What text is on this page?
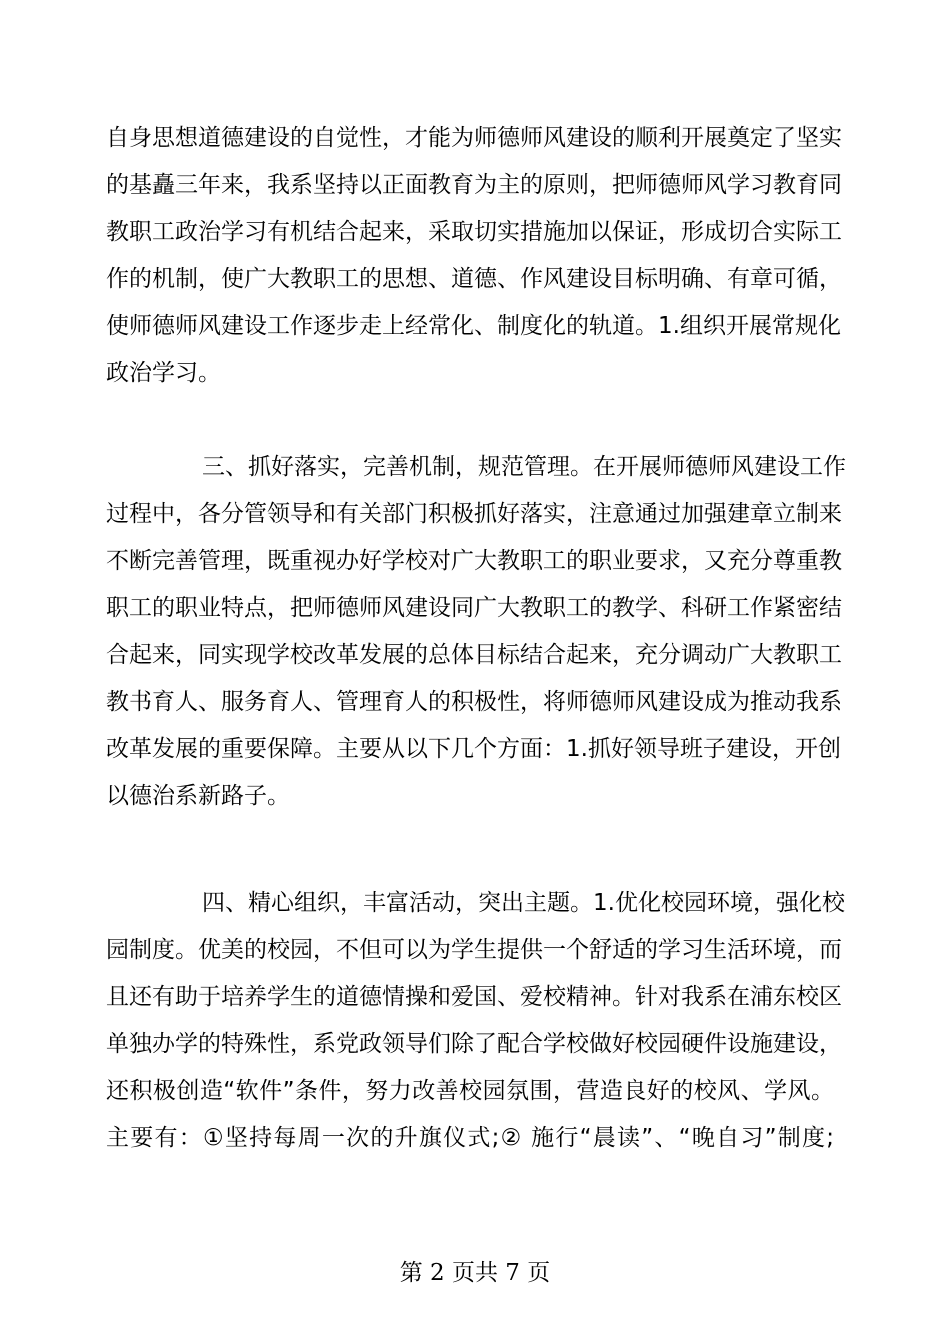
自身思想道德建设的自觉性，才能为师德师风建设的顺利开展奠定了坚实
的基矗三年来，我系坚持以正面教育为主的原则，把师德师风学习教育同
教职工政治学习有机结合起来，采取切实措施加以保证，形成切合实际工
作的机制，使广大教职工的思想、道德、作风建设目标明确、有章可循，
使师德师风建设工作逐步走上经常化、制度化的轨道。1.组织开展常规化
政治学习。
三、抓好落实，完善机制，规范管理。在开展师德师风建设工作
过程中，各分管领导和有关部门积极抓好落实，注意通过加强建章立制来
不断完善管理，既重视办好学校对广大教职工的职业要求，又充分尊重教
职工的职业特点，把师德师风建设同广大教职工的教学、科研工作紧密结
合起来，同实现学校改革发展的总体目标结合起来，充分调动广大教职工
教书育人、服务育人、管理育人的积极性，将师德师风建设成为推动我系
改革发展的重要保障。主要从以下几个方面：1.抓好领导班子建设，开创
以德治系新路子。
四、精心组织，丰富活动，突出主题。1.优化校园环境，强化校
园制度。优美的校园，不但可以为学生提供一个舒适的学习生活环境，而
且还有助于培养学生的道德情操和爱国、爱校精神。针对我系在浦东校区
单独办学的特殊性，系党政领导们除了配合学校做好校园硬件设施建设，
还积极创造“软件”条件，努力改善校园氛围，营造良好的校风、学风。
主要有：①坚持每周一次的升旗仪式;② 施行“晨读”、“晚自习”制度;
第 2 页共 7 页
